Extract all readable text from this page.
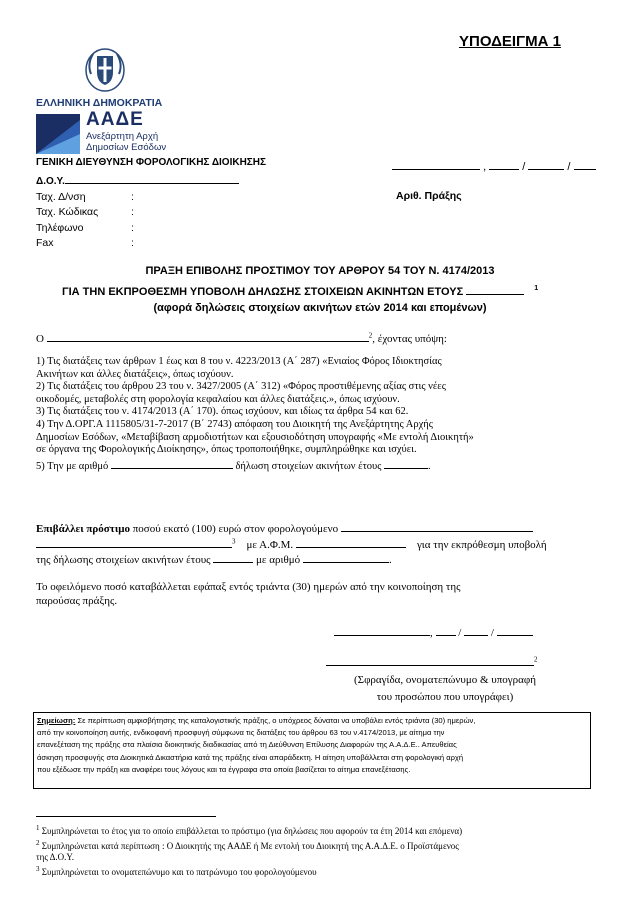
ΥΠΟΔΕΙΓΜΑ 1
ΕΛΛΗΝΙΚΗ ΔΗΜΟΚΡΑΤΙΑ
ΑΑΔΕ
Ανεξάρτητη Αρχή
Δημοσίων Εσόδων
ΓΕΝΙΚΗ ΔΙΕΥΘΥΝΣΗ ΦΟΡΟΛΟΓΙΚΗΣ ΔΙΟΙΚΗΣΗΣ
Δ.Ο.Υ.
,	/	/
Ταχ. Δ/νση	:
Ταχ. Κώδικας	:
Τηλέφωνο	:
Fax	:
Αριθ. Πράξης
ΠΡΑΞΗ ΕΠΙΒΟΛΗΣ ΠΡΟΣΤΙΜΟΥ ΤΟΥ ΑΡΘΡΟΥ 54 ΤΟΥ Ν. 4174/2013
ΓΙΑ ΤΗΝ ΕΚΠΡΟΘΕΣΜΗ ΥΠΟΒΟΛΗ ΔΗΛΩΣΗΣ ΣΤΟΙΧΕΙΩΝ ΑΚΙΝΗΤΩΝ ΕΤΟΥΣ	$^1$
(αφορά δηλώσεις στοιχείων ακινήτων ετών 2014 και επομένων)
Ο	$^2$, έχοντας υπόψη:
1) Τις διατάξεις των άρθρων 1 έως και 8 του ν. 4223/2013 (Α΄ 287) «Ενιαίος Φόρος Ιδιοκτησίας
Ακινήτων και άλλες διατάξεις», όπως ισχύουν.
2) Τις διατάξεις του άρθρου 23 του ν. 3427/2005 (Α΄ 312) «Φόρος προστιθέμενης αξίας στις νέες
οικοδομές, μεταβολές στη φορολογία κεφαλαίου και άλλες διατάξεις.», όπως ισχύουν.
3) Τις διατάξεις του ν. 4174/2013 (Α΄ 170). όπως ισχύουν, και ιδίως τα άρθρα 54 και 62.
4) Την Δ.ΟΡΓ.Α 1115805/31-7-2017 (Β΄ 2743) απόφαση του Διοικητή της Ανεξάρτητης Αρχής
Δημοσίων Εσόδων, «Μεταβίβαση αρμοδιοτήτων και εξουσιοδότηση υπογραφής «Με εντολή Διοικητή»
σε όργανα της Φορολογικής Διοίκησης», όπως τροποποιήθηκε, συμπληρώθηκε και ισχύει.
5) Την με αριθμό	δήλωση στοιχείων ακινήτων έτους	.
Επιβάλλει πρόστιμο ποσού εκατό (100) ευρώ στον φορολογούμενο
$^3$ με Α.Φ.Μ.	για την εκπρόθεσμη υποβολή
της δήλωσης στοιχείων ακινήτων έτους	με αριθμό	.
Το οφειλόμενο ποσό καταβάλλεται εφάπαξ εντός τριάντα (30) ημερών από την κοινοποίηση της
παρούσας πράξης.
,  /  /
$^2$
(Σφραγίδα, ονοματεπώνυμο & υπογραφή
του προσώπου που υπογράφει)
Σημείωση: Σε περίπτωση αμφισβήτησης της καταλογιστικής πράξης, ο υπόχρεος δύναται να υποβάλει εντός τριάντα (30) ημερών,
από την κοινοποίηση αυτής, ενδικοφανή προσφυγή σύμφωνα τις διατάξεις του άρθρου 63 του ν.4174/2013, με αίτημα την
επανεξέταση της πράξης στα πλαίσια διοικητικής διαδικασίας από τη Διεύθυνση Επίλυσης Διαφορών της Α.Α.Δ.Ε.. Απευθείας
άσκηση προσφυγής στα Διοικητικά Δικαστήρια κατά της πράξης είναι απαράδεκτη. Η αίτηση υποβάλλεται στη φορολογική αρχή
που εξέδωσε την πράξη και αναφέρει τους λόγους και τα έγγραφα στα οποία βασίζεται το αίτημα επανεξέτασης.
$^1$ Συμπληρώνεται το έτος για το οποίο επιβάλλεται το πρόστιμο (για δηλώσεις που αφορούν τα έτη 2014 και επόμενα)
$^2$ Συμπληρώνεται κατά περίπτωση : Ο Διοικητής της ΑΑΔΕ ή Με εντολή του Διοικητή της Α.Α.Δ.Ε. ο Προϊστάμενος
της Δ.Ο.Υ.
$^3$ Συμπληρώνεται το ονοματεπώνυμο και το πατρώνυμο του φορολογούμενου
